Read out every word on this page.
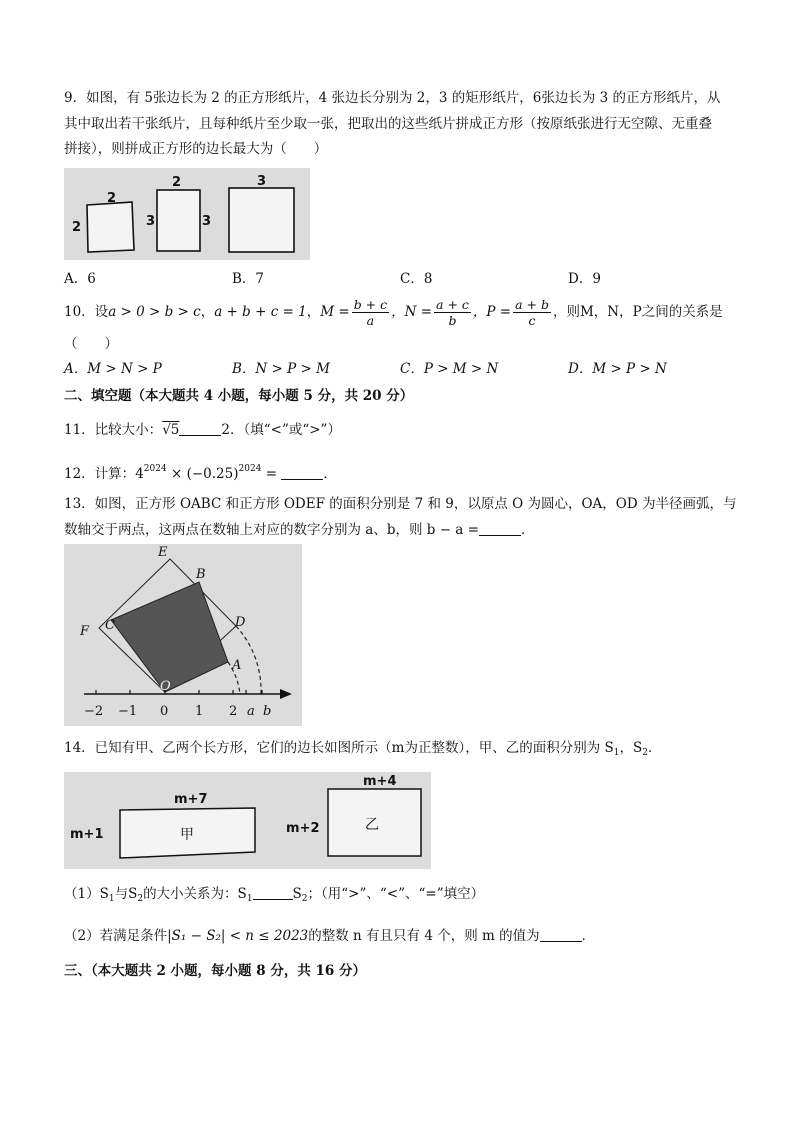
9．如图，有 5张边长为 2 的正方形纸片，4 张边长分别为 2，3 的矩形纸片，6张边长为 3 的正方形纸片，从
其中取出若干张纸片，且每种纸片至少取一张，把取出的这些纸片拼成正方形（按原纸张进行无空隙、无重叠
拼接），则拼成正方形的边长最大为（　　）
2
2
2
3	3
3
A．6	B．7	C．8	D．9
10．设a > 0 > b > c，a + b + c = 1，$M = \frac{b + c}{a}$ ，$N = \frac{a + c}{b}$ ，$P = \frac{a + b}{c}$ ，则M，N，P之间的关系是
（　　）
A．M > N > P	B．N > P > M	C．P > M > N	D．M > P > N
二、填空题（本大题共 4 小题，每小题 5 分，共 20 分）
11．比较大小：√5	2．（填“<”或“>”）
12．计算：$4^{2024} \times (-0.25)^{2024}$ =	．
13．如图，正方形 OABC 和正方形 ODEF 的面积分别是 7 和 9，以原点 O 为圆心，OA，OD 为半径画弧，与
数轴交于两点，这两点在数轴上对应的数字分别为 a、b，则 b − a =	．
−2 −1 0 1 2 a b
E
B
F C	D
A
O
14．已知有甲、乙两个长方形，它们的边长如图所示（m为正整数），甲、乙的面积分别为 $S_1$，$S_2$．
m+7
m+1
m+4
m+2
甲
乙
$(1)S_1$与$S_2$的大小关系为：$S_1$	$S_2$；（用“>”、“<”、“=”填空）
（2）若满足条件|S₁ − S₂| < n ≤ 2023的整数 n 有且只有 4 个，则 m 的值为	．
三、（本大题共 2 小题，每小题 8 分，共 16 分）
